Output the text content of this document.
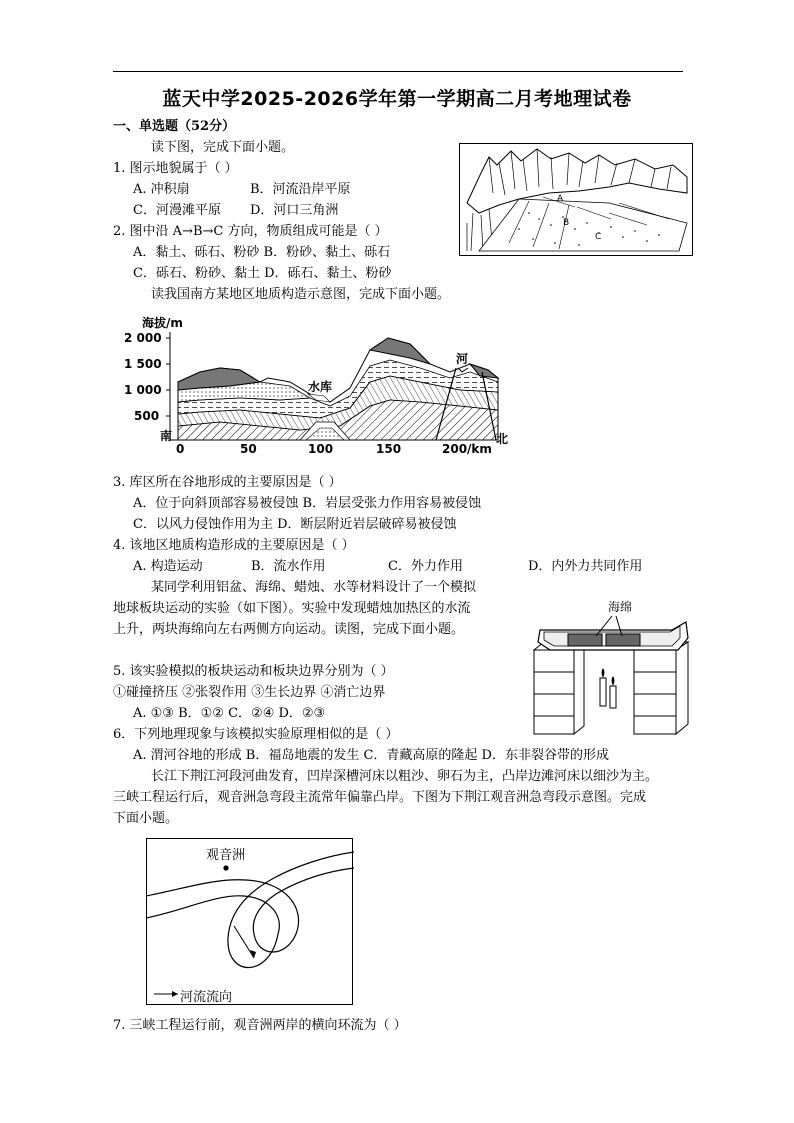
蓝天中学2025-2026学年第一学期高二月考地理试卷
一、单选题（52分）
读下图，完成下面小题。
1. 图示地貌属于（ ）
A. 冲积扇	B．河流沿岸平原
C．河漫滩平原 D．河口三角洲
2. 图中沿 A→B→C 方向，物质组成可能是（ ）
A．黏土、砾石、粉砂 B．粉砂、黏土、砾石
C．砾石、粉砂、黏土 D．砾石、黏土、粉砂
A
B
C
读我国南方某地区地质构造示意图，完成下面小题。
海拔/m
2 000
1 500
1 000
500
南	北
水库
河
0	50	100	150	200/km
3. 库区所在谷地形成的主要原因是（ ）
A．位于向斜顶部容易被侵蚀 B．岩层受张力作用容易被侵蚀
C．以风力侵蚀作用为主 D．断层附近岩层破碎易被侵蚀
4. 该地区地质构造形成的主要原因是（ ）
A. 构造运动	B．流水作用	C．外力作用	D．内外力共同作用
某同学利用铝盆、海绵、蜡烛、水等材料设计了一个模拟
地球板块运动的实验（如下图）。实验中发现蜡烛加热区的水流
上升，两块海绵向左右两侧方向运动。读图，完成下面小题。
海绵
5. 该实验模拟的板块运动和板块边界分别为（ ）
①碰撞挤压 ②张裂作用 ③生长边界 ④消亡边界
A. ①③ B．①② C．②④ D．②③
6．下列地理现象与该模拟实验原理相似的是（ ）
A. 渭河谷地的形成 B．福岛地震的发生 C．青藏高原的隆起 D．东非裂谷带的形成
长江下荆江河段河曲发育，凹岸深槽河床以粗沙、卵石为主，凸岸边滩河床以细沙为主。
三峡工程运行后，观音洲急弯段主流常年偏靠凸岸。下图为下荆江观音洲急弯段示意图。完成
下面小题。
观音洲
河流流向
7. 三峡工程运行前，观音洲两岸的横向环流为（ ）
